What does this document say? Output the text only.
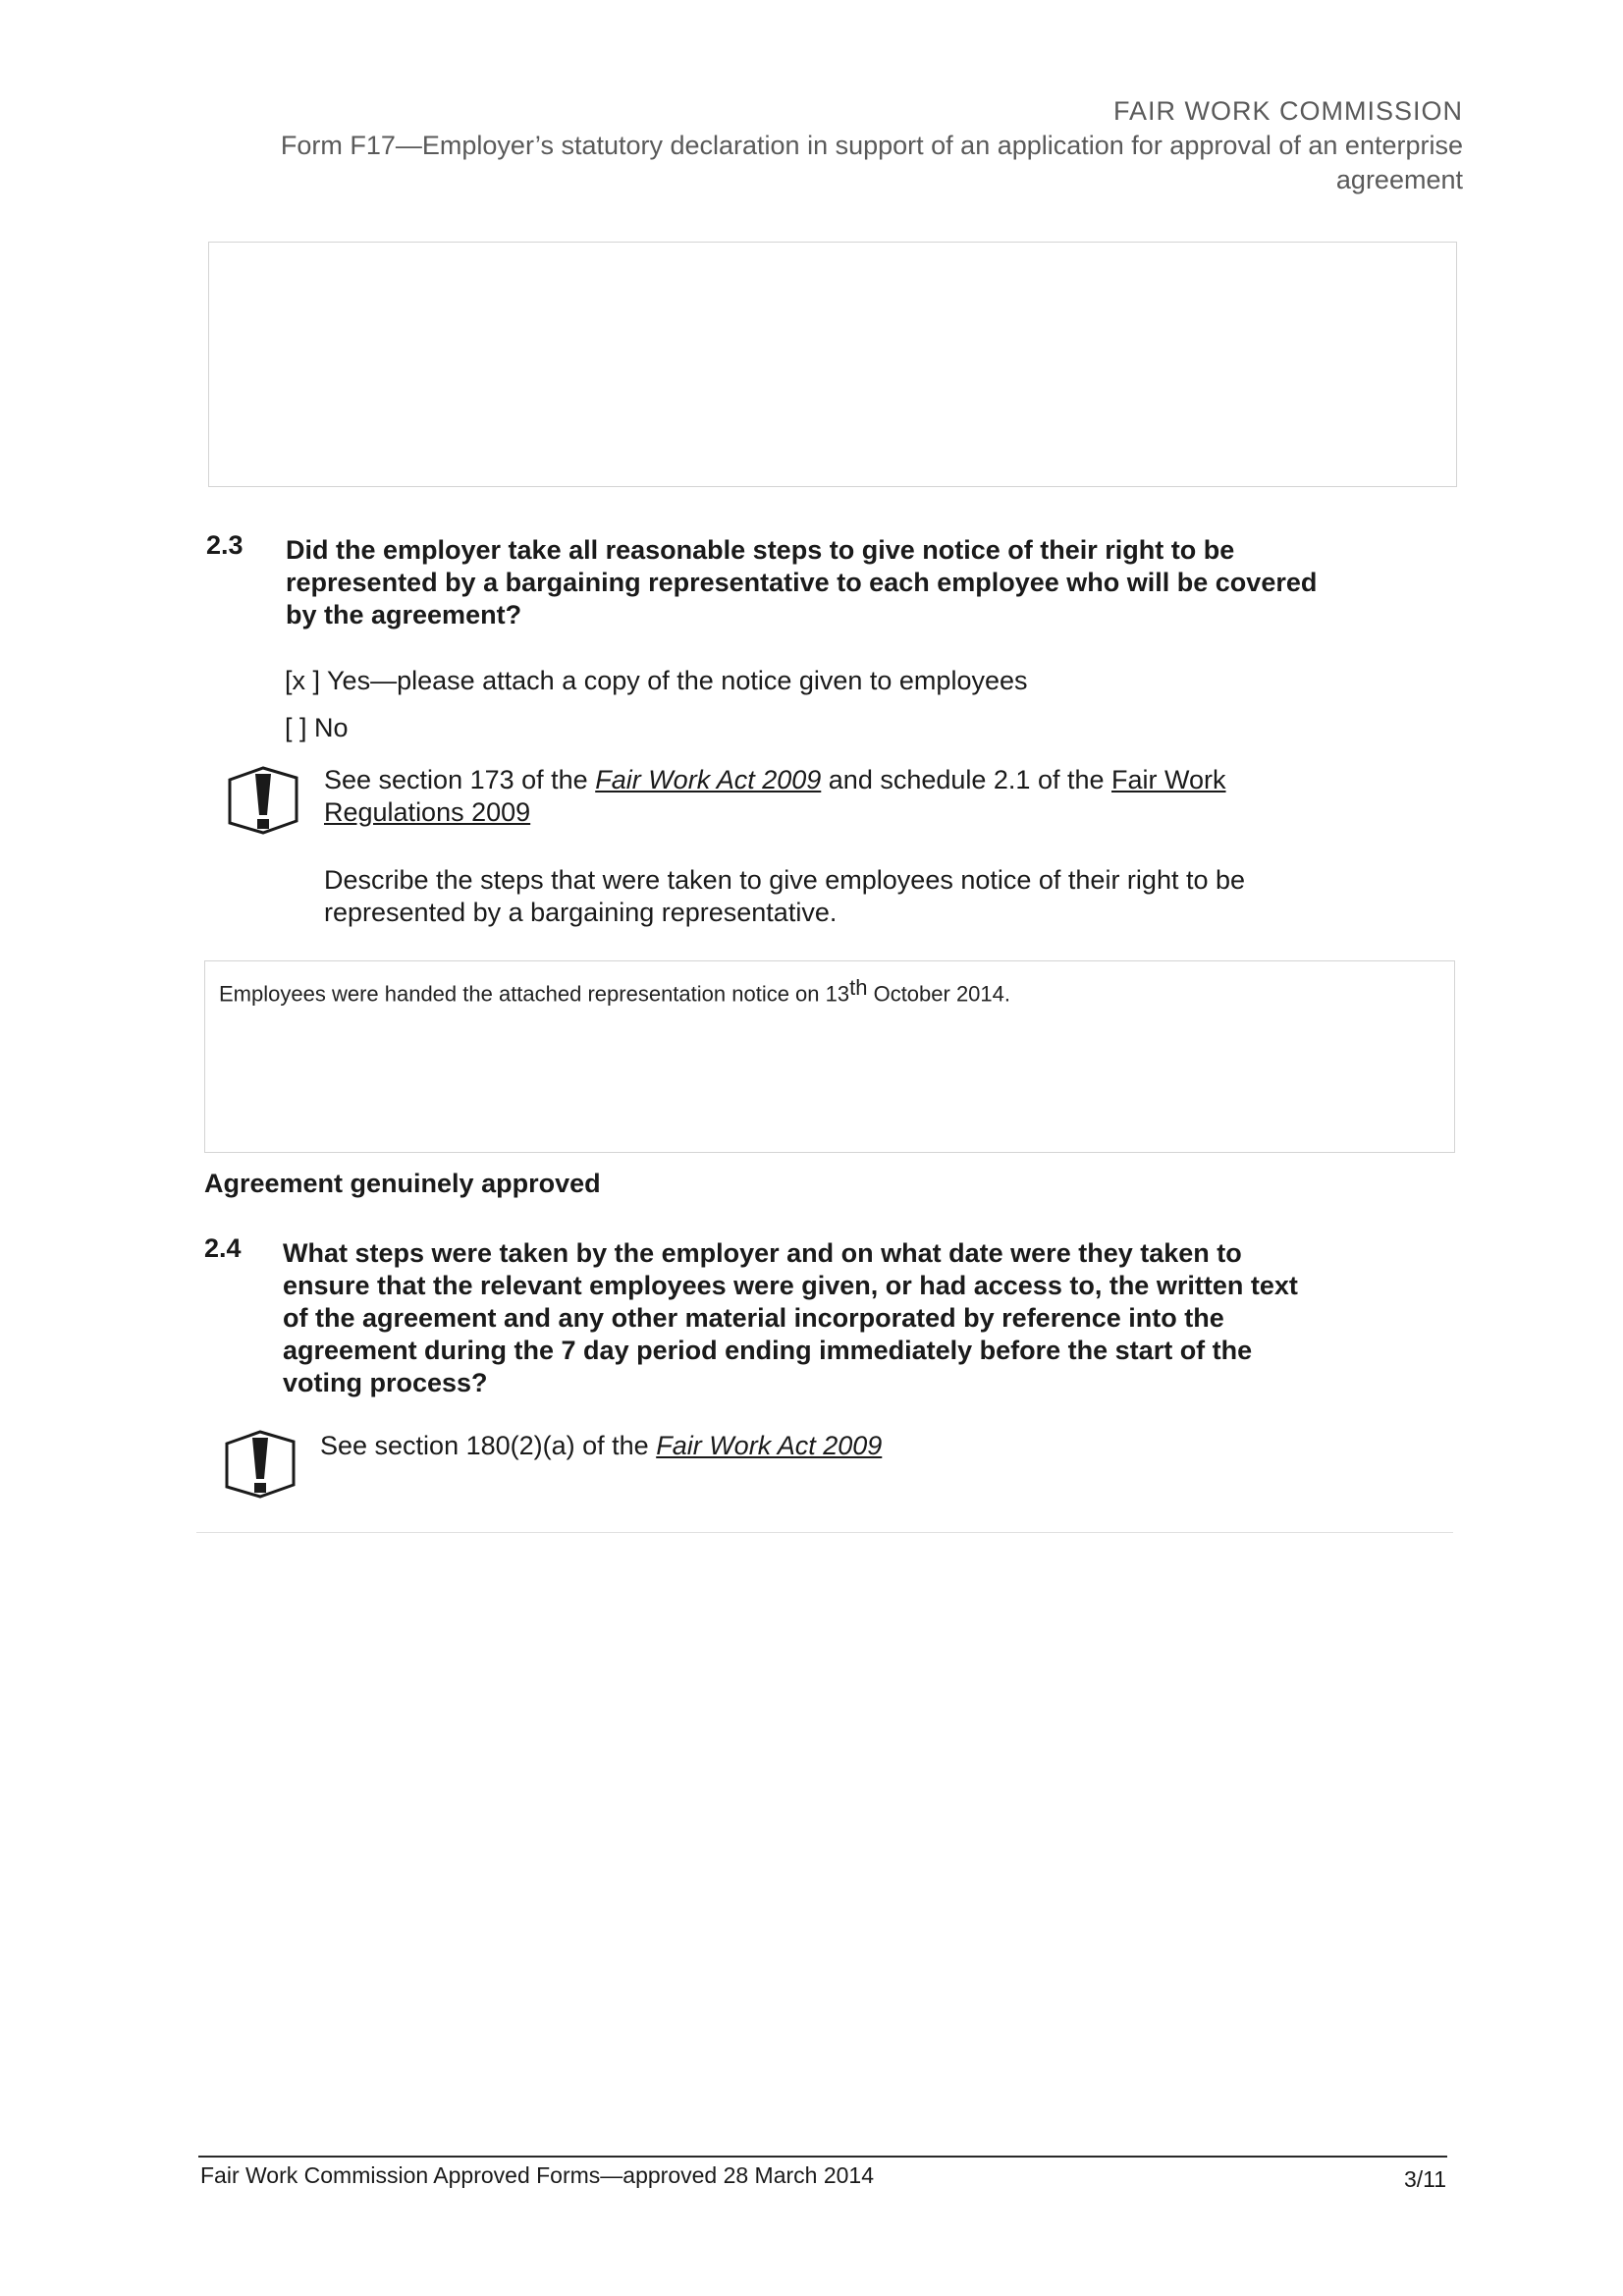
FAIR WORK COMMISSION
Form F17—Employer’s statutory declaration in support of an application for approval of an enterprise
agreement
2.3 Did the employer take all reasonable steps to give notice of their right to be
represented by a bargaining representative to each employee who will be covered
by the agreement?
[x ] Yes—please attach a copy of the notice given to employees
[ ] No
See section 173 of the Fair Work Act 2009 and schedule 2.1 of the Fair Work
Regulations 2009
Describe the steps that were taken to give employees notice of their right to be
represented by a bargaining representative.
Employees were handed the attached representation notice on 13th October 2014.
Agreement genuinely approved
2.4 What steps were taken by the employer and on what date were they taken to
ensure that the relevant employees were given, or had access to, the written text
of the agreement and any other material incorporated by reference into the
agreement during the 7 day period ending immediately before the start of the
voting process?
See section 180(2)(a) of the Fair Work Act 2009
Fair Work Commission Approved Forms—approved 28 March 2014	3/11
